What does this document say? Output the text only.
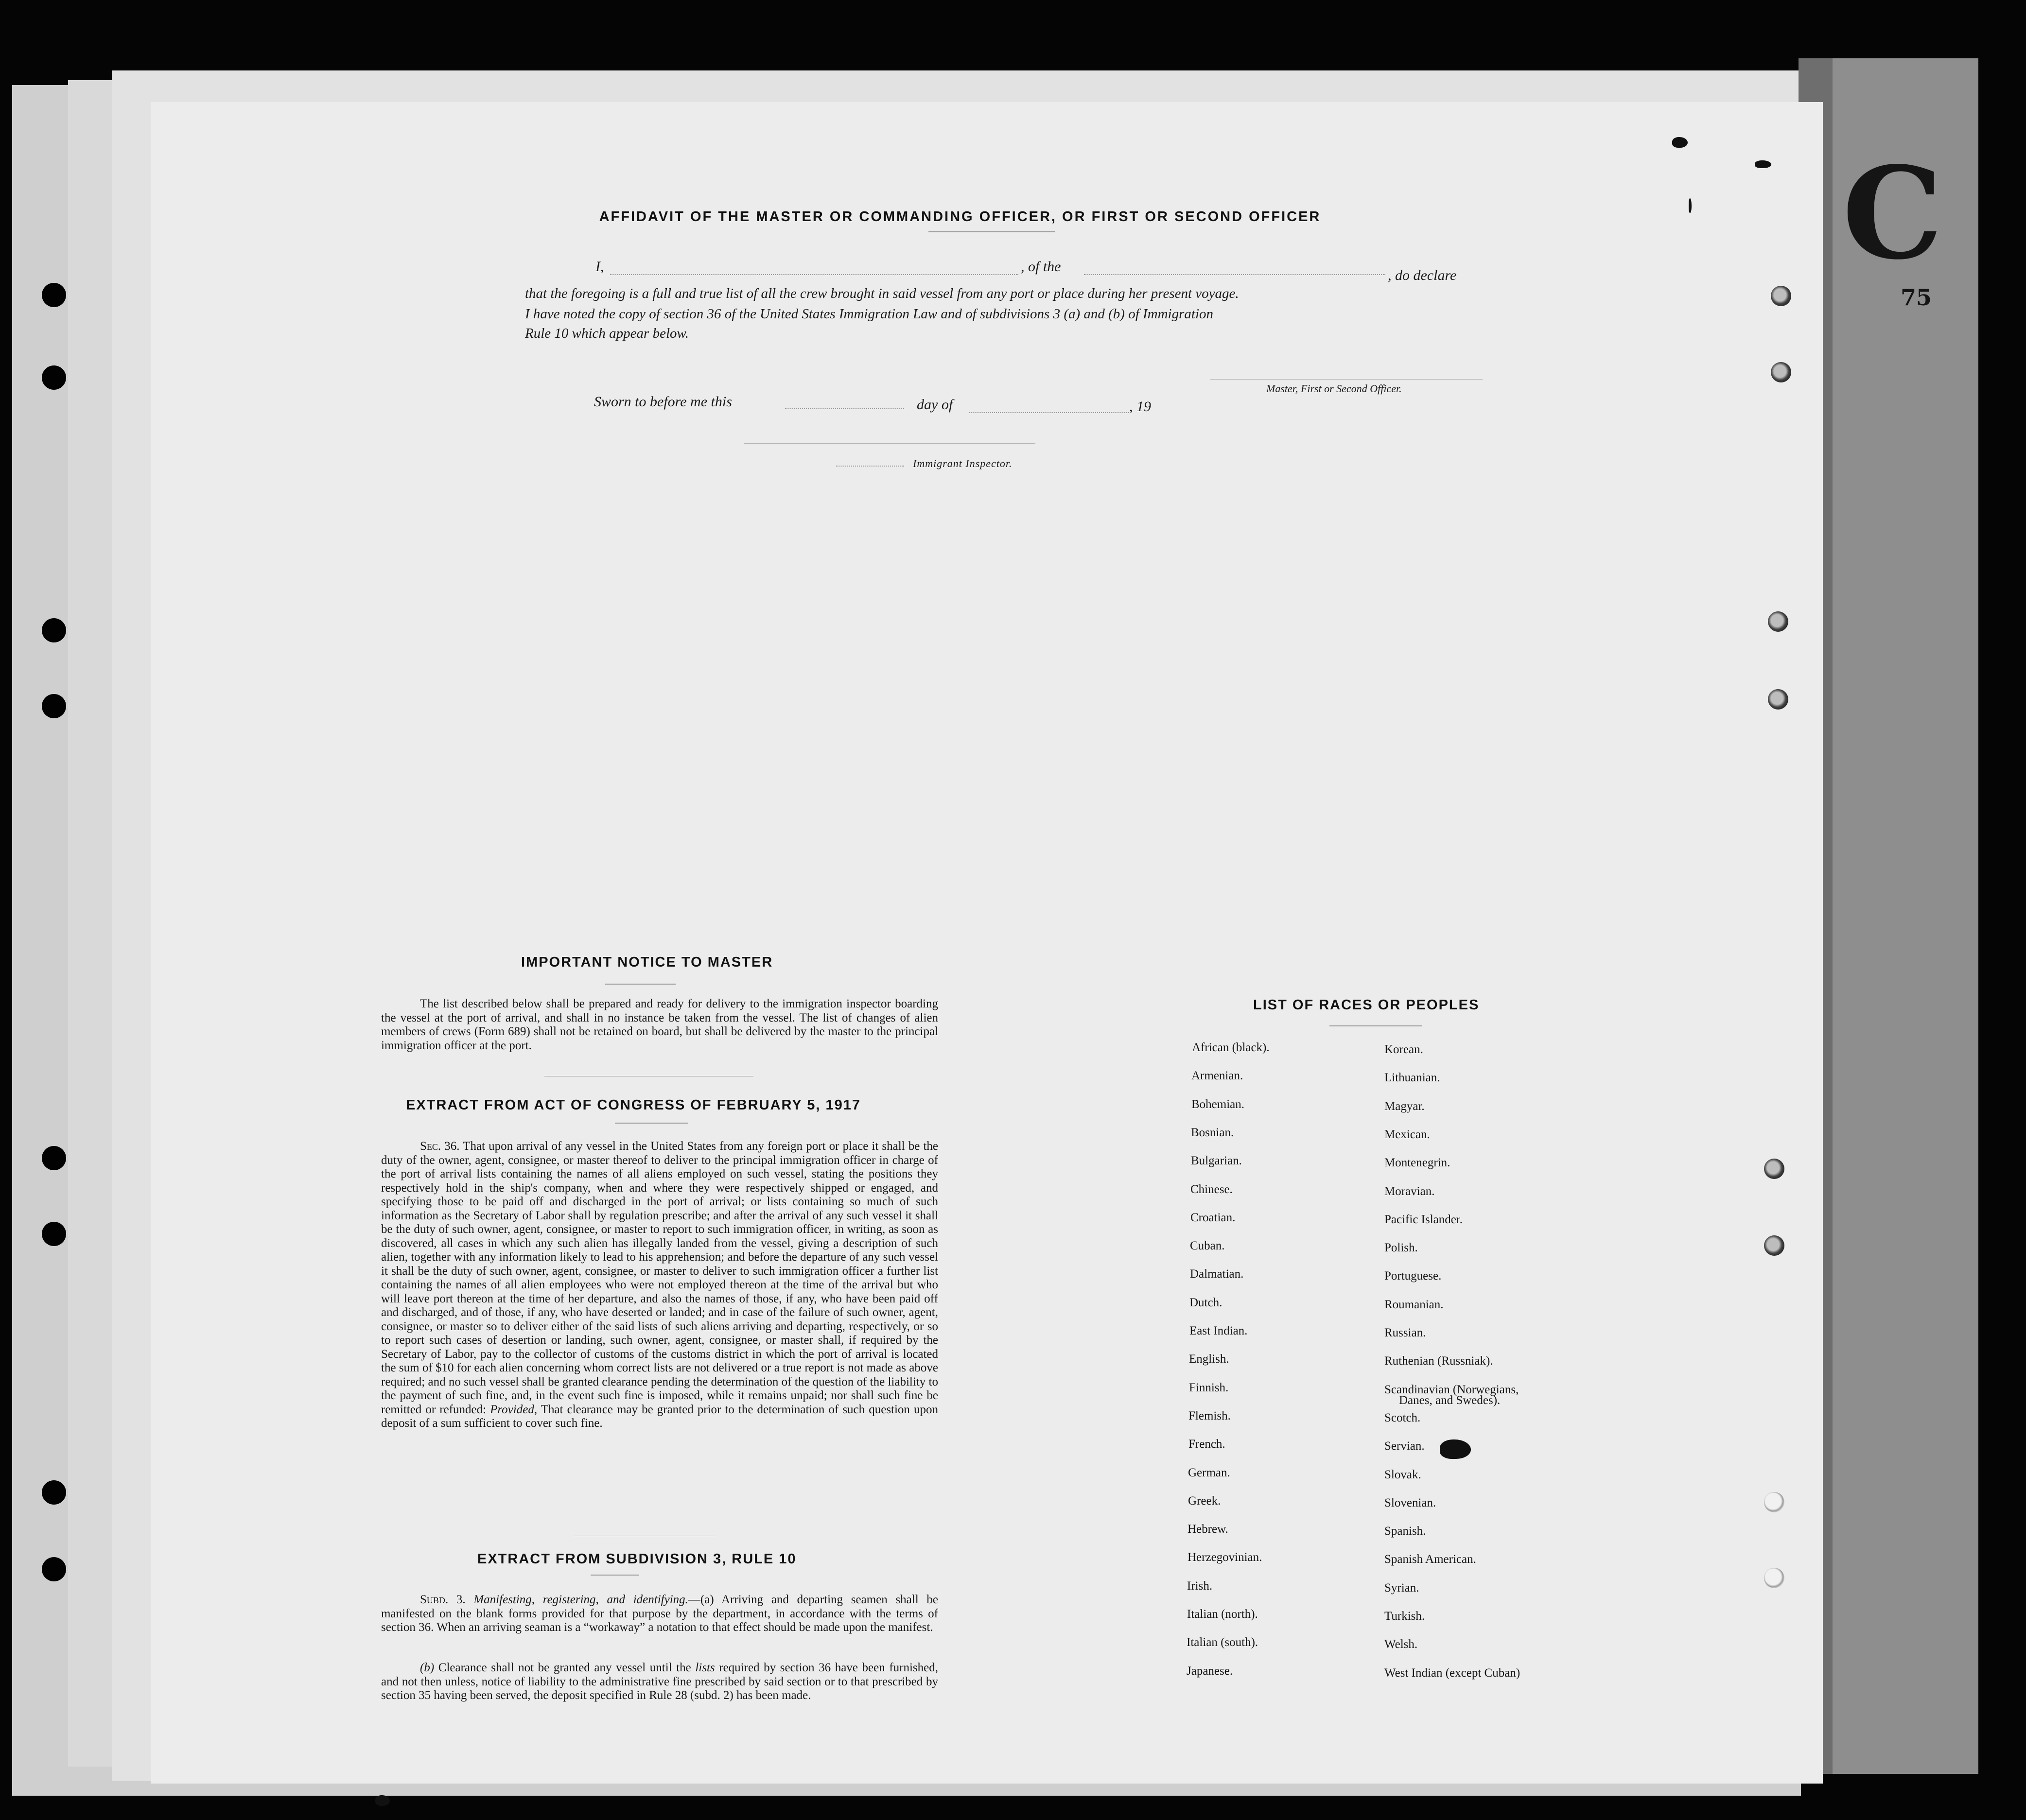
C
75
AFFIDAVIT OF THE MASTER OR COMMANDING OFFICER, OR FIRST OR SECOND OFFICER
I,	, of the
, do declare
that the foregoing is a full and true list of all the crew brought in said vessel from any port or place during her present voyage.
I have noted the copy of section 36 of the United States Immigration Law and of subdivisions 3 (a) and (b) of Immigration
Rule 10 which appear below.
Master, First or Second Officer.
Sworn to before me this	day of	, 19
Immigrant Inspector.
IMPORTANT NOTICE TO MASTER
The list described below shall be prepared and ready for delivery to the immigration inspector boarding the vessel at the port of arrival, and shall in no instance be taken from the vessel. The list of changes of alien members of crews (Form 689) shall not be retained on board, but shall be delivered by the master to the principal immigration officer at the port.
EXTRACT FROM ACT OF CONGRESS OF FEBRUARY 5, 1917
Sec. 36. That upon arrival of any vessel in the United States from any foreign port or place it shall be the duty of the owner, agent, consignee, or master thereof to deliver to the principal immigration officer in charge of the port of arrival lists containing the names of all aliens employed on such vessel, stating the positions they respectively hold in the ship's company, when and where they were respectively shipped or engaged, and specifying those to be paid off and discharged in the port of arrival; or lists containing so much of such information as the Secretary of Labor shall by regulation prescribe; and after the arrival of any such vessel it shall be the duty of such owner, agent, consignee, or master to report to such immigration officer, in writing, as soon as discovered, all cases in which any such alien has illegally landed from the vessel, giving a description of such alien, together with any information likely to lead to his apprehension; and before the departure of any such vessel it shall be the duty of such owner, agent, consignee, or master to deliver to such immigration officer a further list containing the names of all alien employees who were not employed thereon at the time of the arrival but who will leave port thereon at the time of her departure, and also the names of those, if any, who have been paid off and discharged, and of those, if any, who have deserted or landed; and in case of the failure of such owner, agent, consignee, or master so to deliver either of the said lists of such aliens arriving and departing, respectively, or so to report such cases of desertion or landing, such owner, agent, consignee, or master shall, if required by the Secretary of Labor, pay to the collector of customs of the customs district in which the port of arrival is located the sum of $10 for each alien concerning whom correct lists are not delivered or a true report is not made as above required; and no such vessel shall be granted clearance pending the determination of the question of the liability to the payment of such fine, and, in the event such fine is imposed, while it remains unpaid; nor shall such fine be remitted or refunded: Provided, That clearance may be granted prior to the determination of such question upon deposit of a sum sufficient to cover such fine.
EXTRACT FROM SUBDIVISION 3, RULE 10
Subd. 3. Manifesting, registering, and identifying.—(a) Arriving and departing seamen shall be manifested on the blank forms provided for that purpose by the department, in accordance with the terms of section 36. When an arriving seaman is a “workaway” a notation to that effect should be made upon the manifest.
(b) Clearance shall not be granted any vessel until the lists required by section 36 have been furnished, and not then unless, notice of liability to the administrative fine prescribed by said section or to that prescribed by section 35 having been served, the deposit specified in Rule 28 (subd. 2) has been made.
LIST OF RACES OR PEOPLES
African (black).
Armenian.
Bohemian.
Bosnian.
Bulgarian.
Chinese.
Croatian.
Cuban.
Dalmatian.
Dutch.
East Indian.
English.
Finnish.
Flemish.
French.
German.
Greek.
Hebrew.
Herzegovinian.
Irish.
Italian (north).
Italian (south).
Japanese.
Korean.
Lithuanian.
Magyar.
Mexican.
Montenegrin.
Moravian.
Pacific Islander.
Polish.
Portuguese.
Roumanian.
Russian.
Ruthenian (Russniak).
Scandinavian (Norwegians,
Danes, and Swedes).
Scotch.
Servian.
Slovak.
Slovenian.
Spanish.
Spanish American.
Syrian.
Turkish.
Welsh.
West Indian (except Cuban)
